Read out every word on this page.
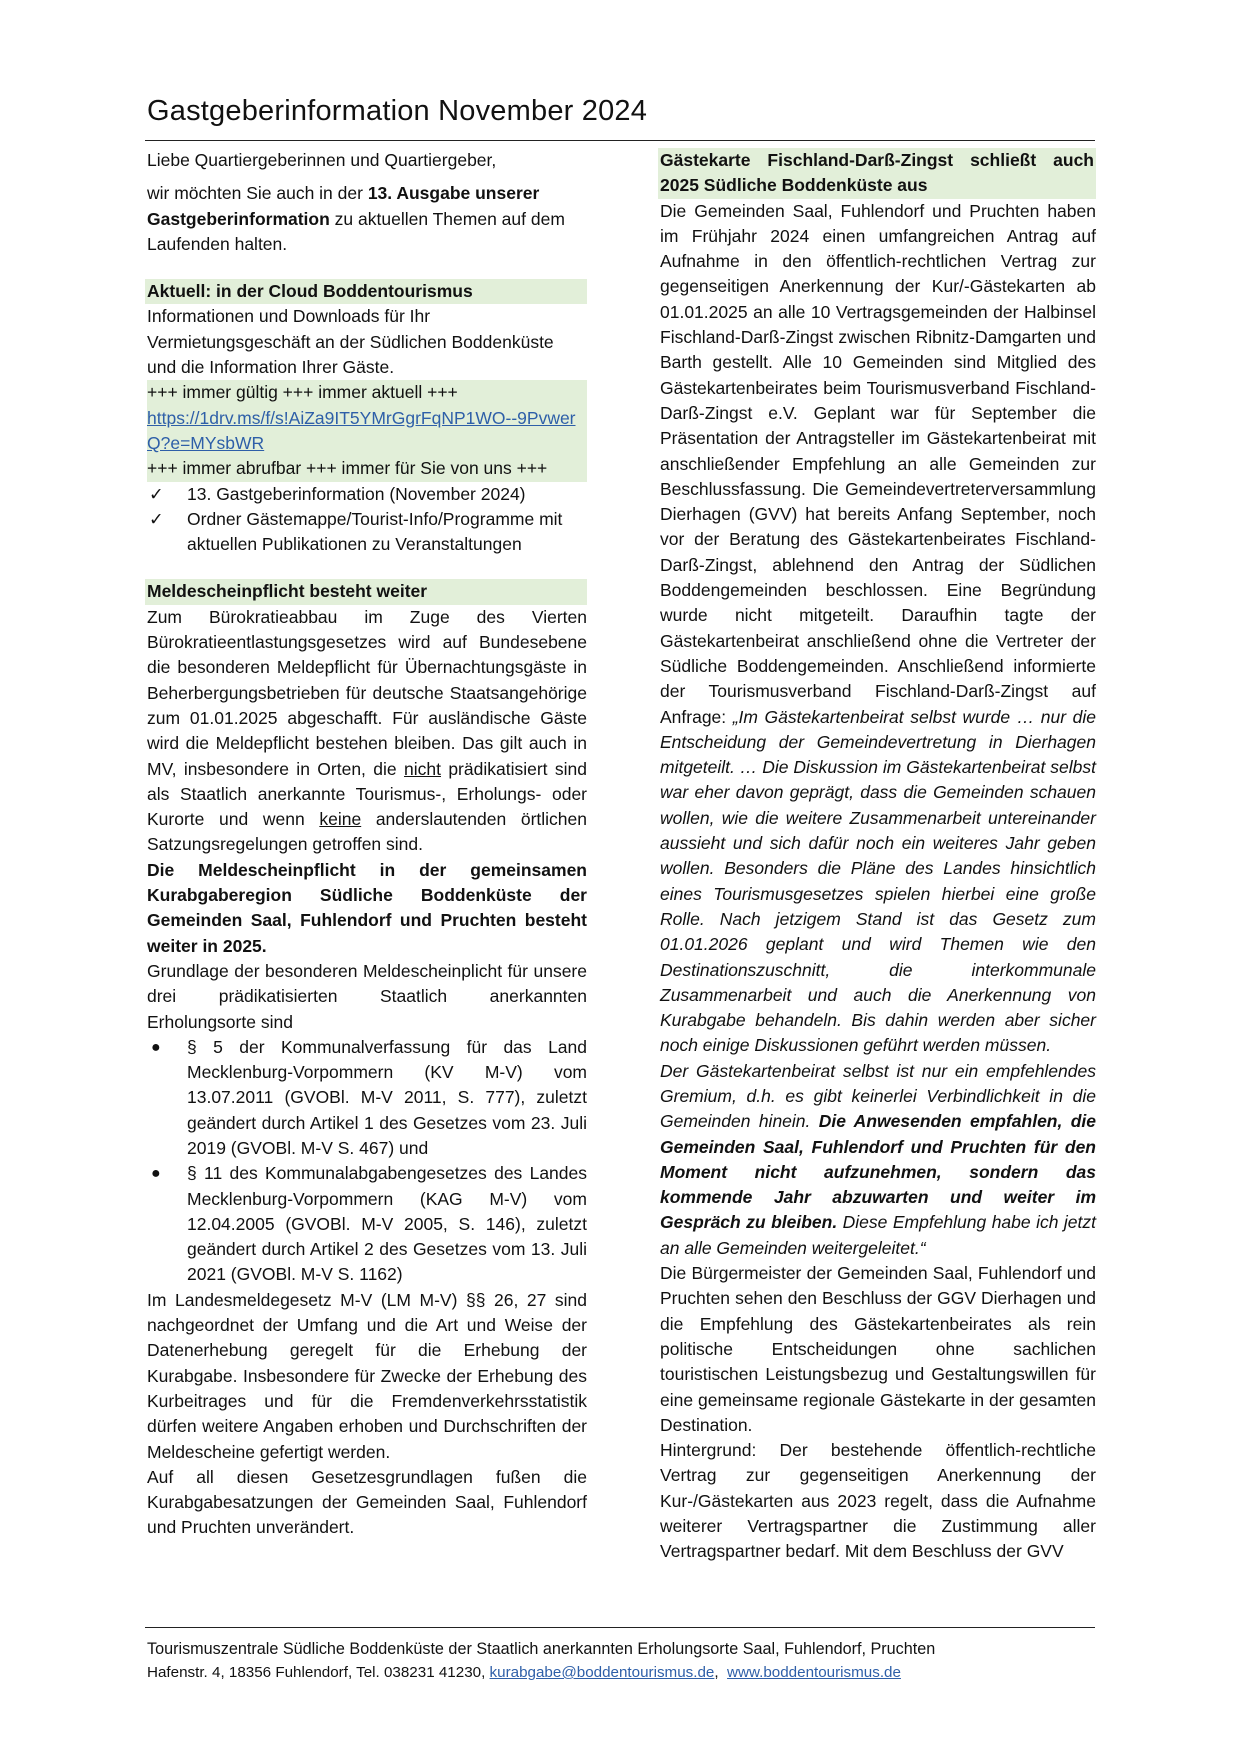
Gastgeberinformation November 2024

Liebe Quartiergeberinnen und Quartiergeber,

wir möchten Sie auch in der 13. Ausgabe unserer Gastgeberinformation zu aktuellen Themen auf dem Laufenden halten.

Aktuell: in der Cloud Boddentourismus

Informationen und Downloads für Ihr Vermietungsgeschäft an der Südlichen Boddenküste und die Information Ihrer Gäste.

+++ immer gültig +++ immer aktuell +++
https://1drv.ms/f/s!AiZa9IT5YMrGgrFqNP1WO--9PvwerQ?e=MYsbWR
+++ immer abrufbar +++ immer für Sie von uns +++
✓ 13. Gastgeberinformation (November 2024)
✓ Ordner Gästemappe/Tourist-Info/Programme mit aktuellen Publikationen zu Veranstaltungen
Meldescheinpflicht besteht weiter

Zum Bürokratieabbau im Zuge des Vierten Bürokratieentlastungsgesetzes wird auf Bundesebene die besonderen Meldepflicht für Übernachtungsgäste in Beherbergungsbetrieben für deutsche Staatsangehörige zum 01.01.2025 abgeschafft. Für ausländische Gäste wird die Meldepflicht bestehen bleiben. Das gilt auch in MV, insbesondere in Orten, die nicht prädikatisiert sind als Staatlich anerkannte Tourismus-, Erholungs- oder Kurorte und wenn keine anderslautenden örtlichen Satzungsregelungen getroffen sind.

Die Meldescheinpflicht in der gemeinsamen Kurabgaberegion Südliche Boddenküste der Gemeinden Saal, Fuhlendorf und Pruchten besteht weiter in 2025.

Grundlage der besonderen Meldescheinplicht für unsere drei prädikatisierten Staatlich anerkannten Erholungsorte sind

● § 5 der Kommunalverfassung für das Land Mecklenburg-Vorpommern (KV M-V) vom 13.07.2011 (GVOBl. M-V 2011, S. 777), zuletzt geändert durch Artikel 1 des Gesetzes vom 23. Juli 2019 (GVOBl. M-V S. 467) und
● § 11 des Kommunalabgabengesetzes des Landes Mecklenburg-Vorpommern (KAG M-V) vom 12.04.2005 (GVOBl. M-V 2005, S. 146), zuletzt geändert durch Artikel 2 des Gesetzes vom 13. Juli 2021 (GVOBl. M-V S. 1162)

Im Landesmeldegesetz M-V (LM M-V) §§ 26, 27 sind nachgeordnet der Umfang und die Art und Weise der Datenerhebung geregelt für die Erhebung der Kurabgabe. Insbesondere für Zwecke der Erhebung des Kurbeitrages und für die Fremdenverkehrsstatistik dürfen weitere Angaben erhoben und Durchschriften der Meldescheine gefertigt werden.

Auf all diesen Gesetzesgrundlagen fußen die Kurabgabesatzungen der Gemeinden Saal, Fuhlendorf und Pruchten unverändert.

Gästekarte Fischland-Darß-Zingst schließt auch 2025 Südliche Boddenküste aus

Die Gemeinden Saal, Fuhlendorf und Pruchten haben im Frühjahr 2024 einen umfangreichen Antrag auf Aufnahme in den öffentlich-rechtlichen Vertrag zur gegenseitigen Anerkennung der Kur/-Gästekarten ab 01.01.2025 an alle 10 Vertragsgemeinden der Halbinsel Fischland-Darß-Zingst zwischen Ribnitz-Damgarten und Barth gestellt. Alle 10 Gemeinden sind Mitglied des Gästekartenbeirates beim Tourismusverband Fischland-Darß-Zingst e.V. Geplant war für September die Präsentation der Antragsteller im Gästekartenbeirat mit anschließender Empfehlung an alle Gemeinden zur Beschlussfassung. Die Gemeindevertreterversammlung Dierhagen (GVV) hat bereits Anfang September, noch vor der Beratung des Gästekartenbeirates Fischland-Darß-Zingst, ablehnend den Antrag der Südlichen Boddengemeinden beschlossen. Eine Begründung wurde nicht mitgeteilt. Daraufhin tagte der Gästekartenbeirat anschließend ohne die Vertreter der Südliche Boddengemeinden. Anschließend informierte der Tourismusverband Fischland-Darß-Zingst auf Anfrage: „Im Gästekartenbeirat selbst wurde … nur die Entscheidung der Gemeindevertretung in Dierhagen mitgeteilt. … Die Diskussion im Gästekartenbeirat selbst war eher davon geprägt, dass die Gemeinden schauen wollen, wie die weitere Zusammenarbeit untereinander aussieht und sich dafür noch ein weiteres Jahr geben wollen. Besonders die Pläne des Landes hinsichtlich eines Tourismusgesetzes spielen hierbei eine große Rolle. Nach jetzigem Stand ist das Gesetz zum 01.01.2026 geplant und wird Themen wie den Destinationszuschnitt, die interkommunale Zusammenarbeit und auch die Anerkennung von Kurabgabe behandeln. Bis dahin werden aber sicher noch einige Diskussionen geführt werden müssen.

Der Gästekartenbeirat selbst ist nur ein empfehlendes Gremium, d.h. es gibt keinerlei Verbindlichkeit in die Gemeinden hinein. Die Anwesenden empfahlen, die Gemeinden Saal, Fuhlendorf und Pruchten für den Moment nicht aufzunehmen, sondern das kommende Jahr abzuwarten und weiter im Gespräch zu bleiben. Diese Empfehlung habe ich jetzt an alle Gemeinden weitergeleitet.“

Die Bürgermeister der Gemeinden Saal, Fuhlendorf und Pruchten sehen den Beschluss der GGV Dierhagen und die Empfehlung des Gästekartenbeirates als rein politische Entscheidungen ohne sachlichen touristischen Leistungsbezug und Gestaltungswillen für eine gemeinsame regionale Gästekarte in der gesamten Destination.

Hintergrund: Der bestehende öffentlich-rechtliche Vertrag zur gegenseitigen Anerkennung der Kur-/Gästekarten aus 2023 regelt, dass die Aufnahme weiterer Vertragspartner die Zustimmung aller Vertragspartner bedarf. Mit dem Beschluss der GVV

Tourismuszentrale Südliche Boddenküste der Staatlich anerkannten Erholungsorte Saal, Fuhlendorf, Pruchten
Hafenstr. 4, 18356 Fuhlendorf, Tel. 038231 41230, kurabgabe@boddentourismus.de,  www.boddentourismus.de
